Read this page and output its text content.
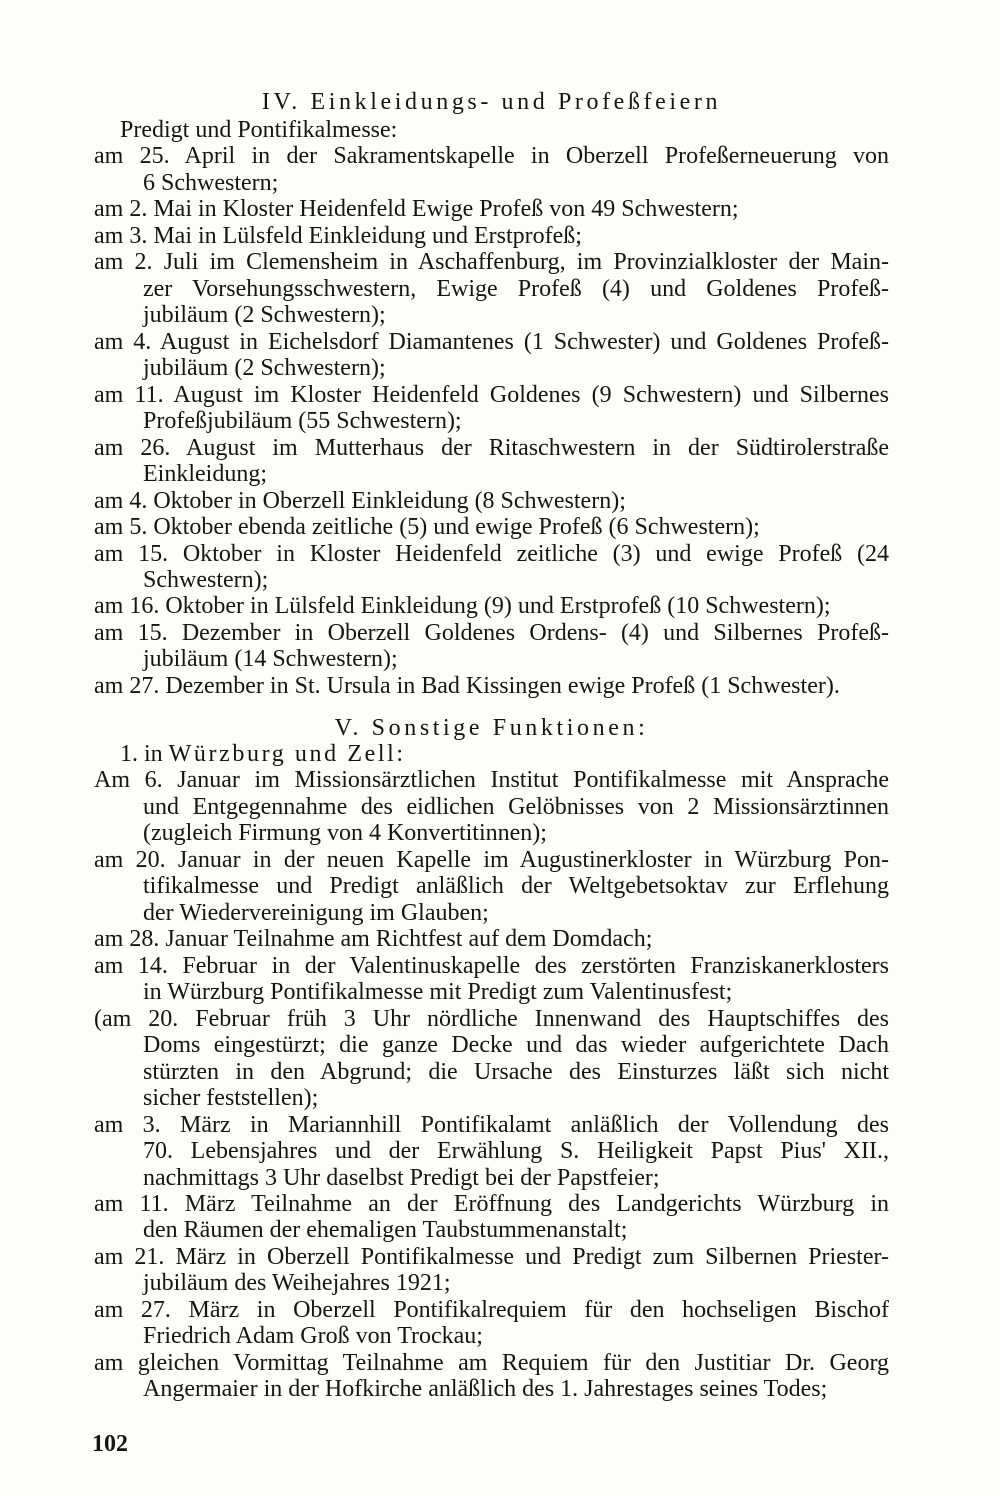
IV. Einkleidungs- und Profeßfeiern
Predigt und Pontifikalmesse:
am 25. April in der Sakramentskapelle in Oberzell Profeßerneuerung von
6 Schwestern;
am 2. Mai in Kloster Heidenfeld Ewige Profeß von 49 Schwestern;
am 3. Mai in Lülsfeld Einkleidung und Erstprofeß;
am 2. Juli im Clemensheim in Aschaffenburg, im Provinzialkloster der Main-
zer Vorsehungsschwestern, Ewige Profeß (4) und Goldenes Profeß-
jubiläum (2 Schwestern);
am 4. August in Eichelsdorf Diamantenes (1 Schwester) und Goldenes Profeß-
jubiläum (2 Schwestern);
am 11. August im Kloster Heidenfeld Goldenes (9 Schwestern) und Silbernes
Profeßjubiläum (55 Schwestern);
am 26. August im Mutterhaus der Ritaschwestern in der Südtirolerstraße
Einkleidung;
am 4. Oktober in Oberzell Einkleidung (8 Schwestern);
am 5. Oktober ebenda zeitliche (5) und ewige Profeß (6 Schwestern);
am 15. Oktober in Kloster Heidenfeld zeitliche (3) und ewige Profeß (24
Schwestern);
am 16. Oktober in Lülsfeld Einkleidung (9) und Erstprofeß (10 Schwestern);
am 15. Dezember in Oberzell Goldenes Ordens- (4) und Silbernes Profeß-
jubiläum (14 Schwestern);
am 27. Dezember in St. Ursula in Bad Kissingen ewige Profeß (1 Schwester).
V. Sonstige Funktionen:
1. in Würzburg und Zell:
Am 6. Januar im Missionsärztlichen Institut Pontifikalmesse mit Ansprache
und Entgegennahme des eidlichen Gelöbnisses von 2 Missionsärztinnen
(zugleich Firmung von 4 Konvertitinnen);
am 20. Januar in der neuen Kapelle im Augustinerkloster in Würzburg Pon-
tifikalmesse und Predigt anläßlich der Weltgebetsoktav zur Erflehung
der Wiedervereinigung im Glauben;
am 28. Januar Teilnahme am Richtfest auf dem Domdach;
am 14. Februar in der Valentinuskapelle des zerstörten Franziskanerklosters
in Würzburg Pontifikalmesse mit Predigt zum Valentinusfest;
(am 20. Februar früh 3 Uhr nördliche Innenwand des Hauptschiffes des
Doms eingestürzt; die ganze Decke und das wieder aufgerichtete Dach
stürzten in den Abgrund; die Ursache des Einsturzes läßt sich nicht
sicher feststellen);
am 3. März in Mariannhill Pontifikalamt anläßlich der Vollendung des
70. Lebensjahres und der Erwählung S. Heiligkeit Papst Pius' XII.,
nachmittags 3 Uhr daselbst Predigt bei der Papstfeier;
am 11. März Teilnahme an der Eröffnung des Landgerichts Würzburg in
den Räumen der ehemaligen Taubstummenanstalt;
am 21. März in Oberzell Pontifikalmesse und Predigt zum Silbernen Priester-
jubiläum des Weihejahres 1921;
am 27. März in Oberzell Pontifikalrequiem für den hochseligen Bischof
Friedrich Adam Groß von Trockau;
am gleichen Vormittag Teilnahme am Requiem für den Justitiar Dr. Georg
Angermaier in der Hofkirche anläßlich des 1. Jahrestages seines Todes;
102
